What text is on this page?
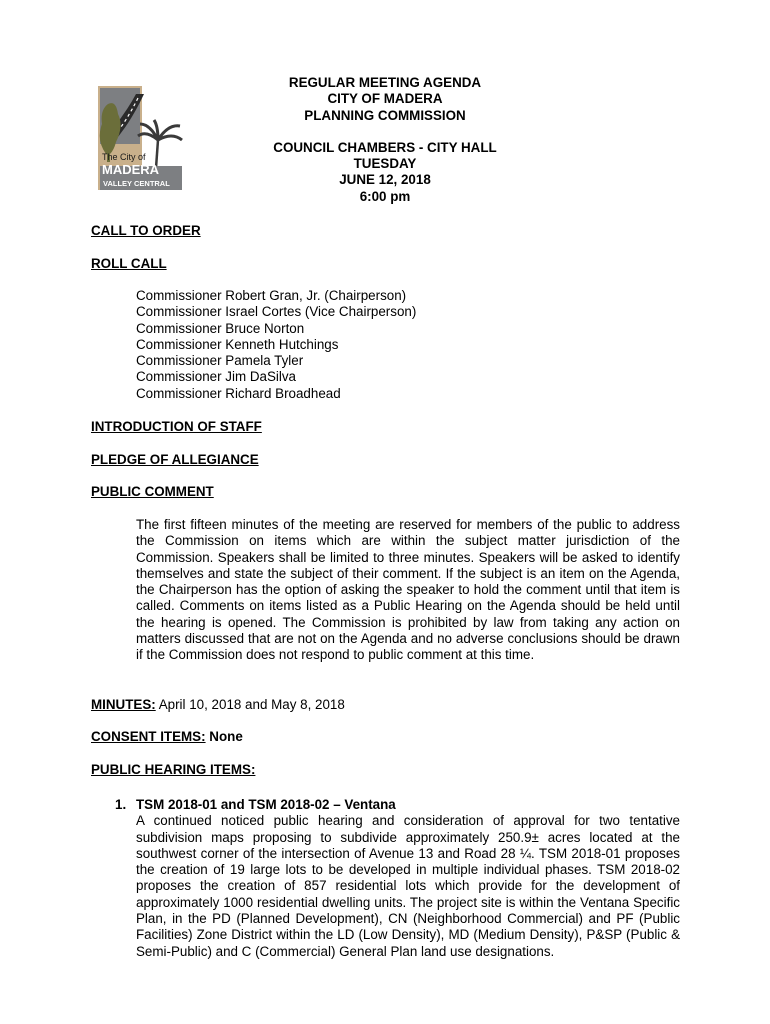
The City of
MADERA
VALLEY CENTRAL
REGULAR MEETING AGENDA
CITY OF MADERA
PLANNING COMMISSION
COUNCIL CHAMBERS - CITY HALL
TUESDAY
JUNE 12, 2018
6:00 pm
CALL TO ORDER
ROLL CALL
Commissioner Robert Gran, Jr. (Chairperson)
Commissioner Israel Cortes (Vice Chairperson)
Commissioner Bruce Norton
Commissioner Kenneth Hutchings
Commissioner Pamela Tyler
Commissioner Jim DaSilva
Commissioner Richard Broadhead
INTRODUCTION OF STAFF
PLEDGE OF ALLEGIANCE
PUBLIC COMMENT
The first fifteen minutes of the meeting are reserved for members of the public to address the Commission on items which are within the subject matter jurisdiction of the Commission. Speakers shall be limited to three minutes. Speakers will be asked to identify themselves and state the subject of their comment. If the subject is an item on the Agenda, the Chairperson has the option of asking the speaker to hold the comment until that item is called. Comments on items listed as a Public Hearing on the Agenda should be held until the hearing is opened. The Commission is prohibited by law from taking any action on matters discussed that are not on the Agenda and no adverse conclusions should be drawn if the Commission does not respond to public comment at this time.
MINUTES: April 10, 2018 and May 8, 2018
CONSENT ITEMS: None
PUBLIC HEARING ITEMS:
1. TSM 2018-01 and TSM 2018-02 – Ventana
A continued noticed public hearing and consideration of approval for two tentative subdivision maps proposing to subdivide approximately 250.9± acres located at the southwest corner of the intersection of Avenue 13 and Road 28 ¼. TSM 2018-01 proposes the creation of 19 large lots to be developed in multiple individual phases. TSM 2018-02 proposes the creation of 857 residential lots which provide for the development of approximately 1000 residential dwelling units. The project site is within the Ventana Specific Plan, in the PD (Planned Development), CN (Neighborhood Commercial) and PF (Public Facilities) Zone District within the LD (Low Density), MD (Medium Density), P&SP (Public & Semi-Public) and C (Commercial) General Plan land use designations.
